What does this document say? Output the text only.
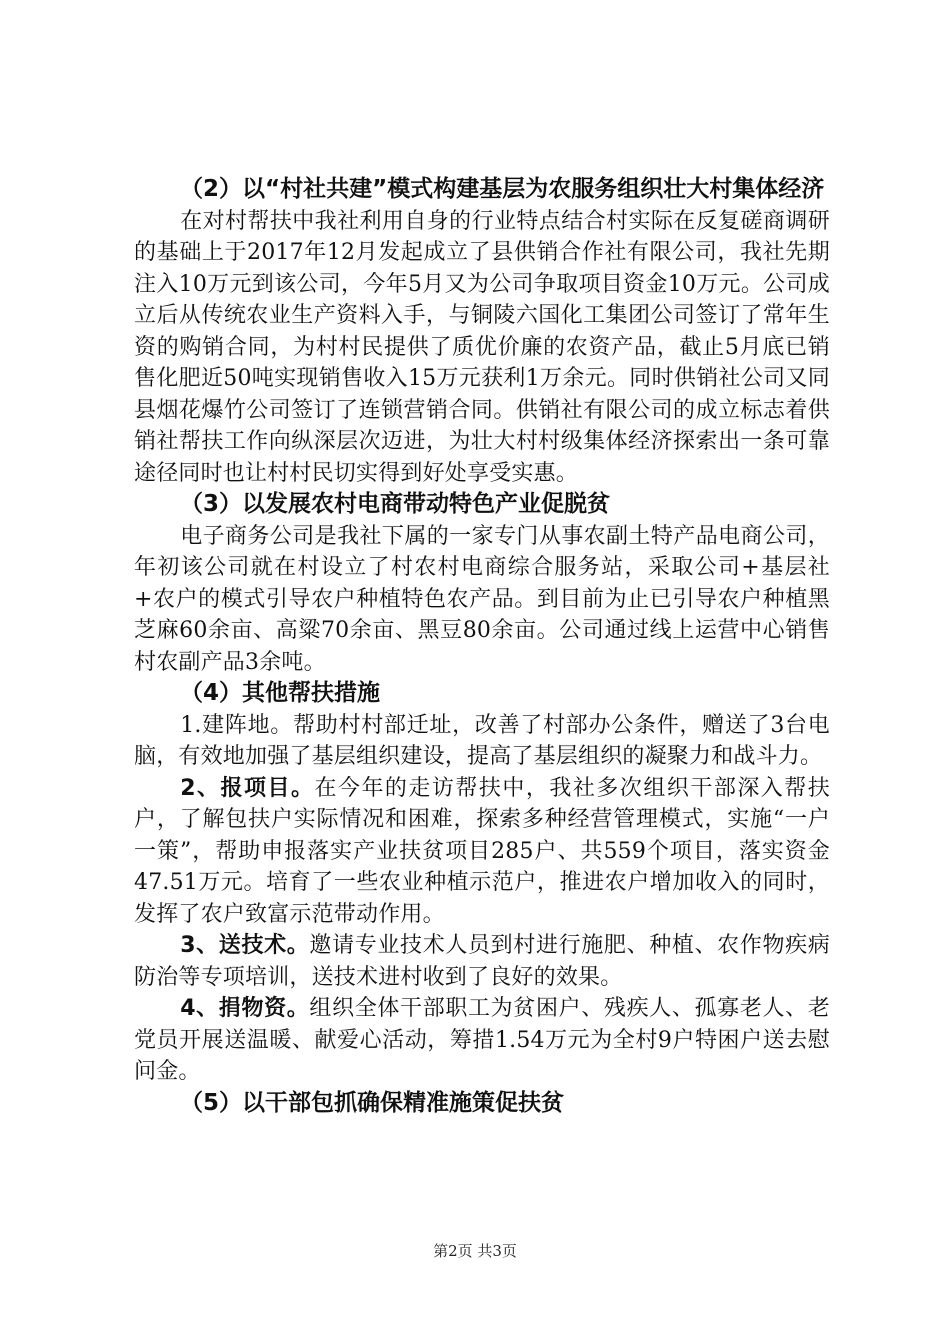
（2）以“村社共建”模式构建基层为农服务组织壮大村集体经济

在对村帮扶中我社利用自身的行业特点结合村实际在反复磋商调研的基础上于2017年12月发起成立了县供销合作社有限公司，我社先期注入10万元到该公司，今年5月又为公司争取项目资金10万元。公司成立后从传统农业生产资料入手，与铜陵六国化工集团公司签订了常年生资的购销合同，为村村民提供了质优价廉的农资产品，截止5月底已销售化肥近50吨实现销售收入15万元获利1万余元。同时供销社公司又同县烟花爆竹公司签订了连锁营销合同。供销社有限公司的成立标志着供销社帮扶工作向纵深层次迈进，为壮大村村级集体经济探索出一条可靠途径同时也让村村民切实得到好处享受实惠。

（3）以发展农村电商带动特色产业促脱贫

电子商务公司是我社下属的一家专门从事农副土特产品电商公司，年初该公司就在村设立了村农村电商综合服务站，采取公司+基层社+农户的模式引导农户种植特色农产品。到目前为止已引导农户种植黑芝麻60余亩、高粱70余亩、黑豆80余亩。公司通过线上运营中心销售村农副产品3余吨。

（4）其他帮扶措施

1.建阵地。帮助村村部迁址，改善了村部办公条件，赠送了3台电脑，有效地加强了基层组织建设，提高了基层组织的凝聚力和战斗力。

2、报项目。在今年的走访帮扶中，我社多次组织干部深入帮扶户，了解包扶户实际情况和困难，探索多种经营管理模式，实施“一户一策”，帮助申报落实产业扶贫项目285户、共559个项目，落实资金47.51万元。培育了一些农业种植示范户，推进农户增加收入的同时，发挥了农户致富示范带动作用。

3、送技术。邀请专业技术人员到村进行施肥、种植、农作物疾病防治等专项培训，送技术进村收到了良好的效果。

4、捐物资。组织全体干部职工为贫困户、残疾人、孤寡老人、老党员开展送温暖、献爱心活动，筹措1.54万元为全村9户特困户送去慰问金。

（5）以干部包抓确保精准施策促扶贫

第2页 共3页
